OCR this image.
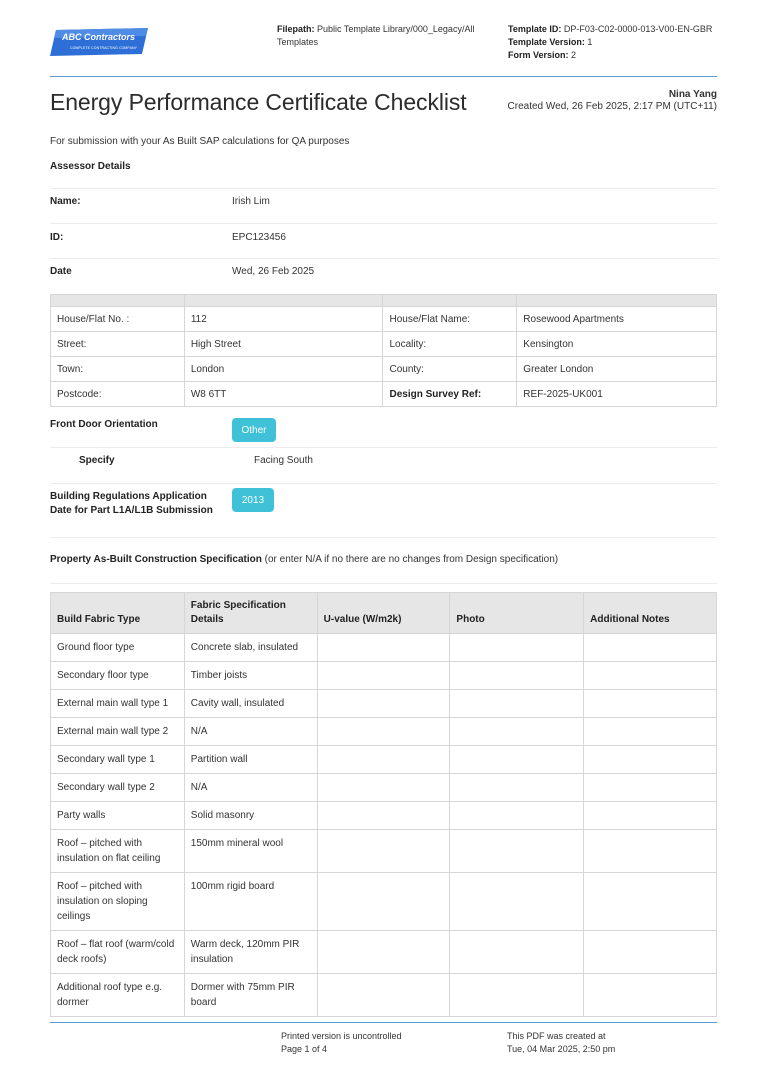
ABC Contractors
COMPLETE CONTRACTING COMPANY
Filepath: Public Template Library/000_Legacy/All Templates
Template ID: DP-F03-C02-0000-013-V00-EN-GBR
Template Version: 1
Form Version: 2
Energy Performance Certificate Checklist	Nina Yang
Created Wed, 26 Feb 2025, 2:17 PM (UTC+11)
For submission with your As Built SAP calculations for QA purposes
Assessor Details
Name:	Irish Lim
ID:	EPC123456
Date	Wed, 26 Feb 2025

House/Flat No. :	112	House/Flat Name:	Rosewood Apartments
Street:	High Street	Locality:	Kensington
Town:	London	County:	Greater London
Postcode:	W8 6TT	Design Survey Ref:	REF-2025-UK001
Front Door Orientation	Other
Specify	Facing South
Building Regulations Application Date for Part L1A/L1B Submission
2013
Property As-Built Construction Specification (or enter N/A if no there are no changes from Design specification)
Build Fabric Type	Fabric Specification Details	U-value (W/m2k)	Photo	Additional Notes
Ground floor type	Concrete slab, insulated			
Secondary floor type	Timber joists			
External main wall type 1	Cavity wall, insulated			
External main wall type 2	N/A			
Secondary wall type 1	Partition wall			
Secondary wall type 2	N/A			
Party walls	Solid masonry			
Roof – pitched with insulation on flat ceiling	150mm mineral wool			
Roof – pitched with insulation on sloping ceilings	100mm rigid board			
Roof – flat roof (warm/cold deck roofs)	Warm deck, 120mm PIR insulation			
Additional roof type e.g. dormer	Dormer with 75mm PIR board			
Printed version is uncontrolled
Page 1 of 4
This PDF was created at
Tue, 04 Mar 2025, 2:50 pm
